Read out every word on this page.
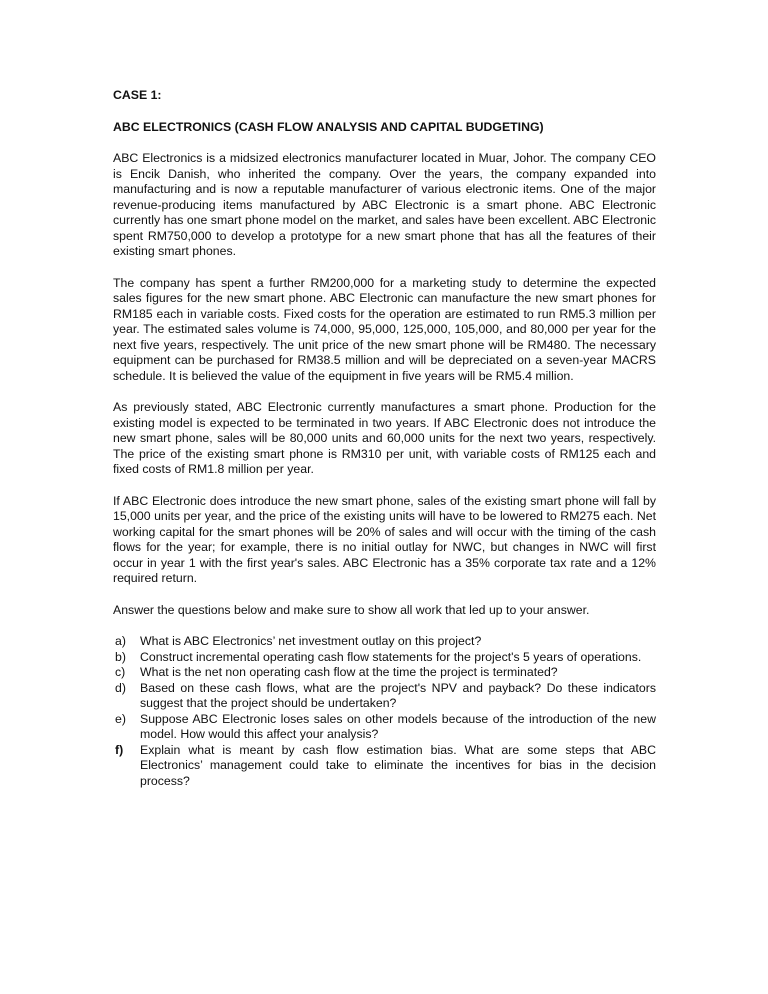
CASE 1:

ABC ELECTRONICS (CASH FLOW ANALYSIS AND CAPITAL BUDGETING)

ABC Electronics is a midsized electronics manufacturer located in Muar, Johor. The company CEO is Encik Danish, who inherited the company. Over the years, the company expanded into manufacturing and is now a reputable manufacturer of various electronic items. One of the major revenue-producing items manufactured by ABC Electronic is a smart phone. ABC Electronic currently has one smart phone model on the market, and sales have been excellent. ABC Electronic spent RM750,000 to develop a prototype for a new smart phone that has all the features of their existing smart phones.

The company has spent a further RM200,000 for a marketing study to determine the expected sales figures for the new smart phone. ABC Electronic can manufacture the new smart phones for RM185 each in variable costs. Fixed costs for the operation are estimated to run RM5.3 million per year. The estimated sales volume is 74,000, 95,000, 125,000, 105,000, and 80,000 per year for the next five years, respectively. The unit price of the new smart phone will be RM480. The necessary equipment can be purchased for RM38.5 million and will be depreciated on a seven-year MACRS schedule. It is believed the value of the equipment in five years will be RM5.4 million.

As previously stated, ABC Electronic currently manufactures a smart phone. Production for the existing model is expected to be terminated in two years. If ABC Electronic does not introduce the new smart phone, sales will be 80,000 units and 60,000 units for the next two years, respectively. The price of the existing smart phone is RM310 per unit, with variable costs of RM125 each and fixed costs of RM1.8 million per year.

If ABC Electronic does introduce the new smart phone, sales of the existing smart phone will fall by 15,000 units per year, and the price of the existing units will have to be lowered to RM275 each. Net working capital for the smart phones will be 20% of sales and will occur with the timing of the cash flows for the year; for example, there is no initial outlay for NWC, but changes in NWC will first occur in year 1 with the first year's sales. ABC Electronic has a 35% corporate tax rate and a 12% required return.

Answer the questions below and make sure to show all work that led up to your answer.

a)	What is ABC Electronics’ net investment outlay on this project?
b)	Construct incremental operating cash flow statements for the project's 5 years of operations.
c)	What is the net non operating cash flow at the time the project is terminated?
d)	Based on these cash flows, what are the project's NPV and payback? Do these indicators suggest that the project should be undertaken?
e)	Suppose ABC Electronic loses sales on other models because of the introduction of the new model. How would this affect your analysis?
f)	Explain what is meant by cash flow estimation bias. What are some steps that ABC Electronics’ management could take to eliminate the incentives for bias in the decision process?
